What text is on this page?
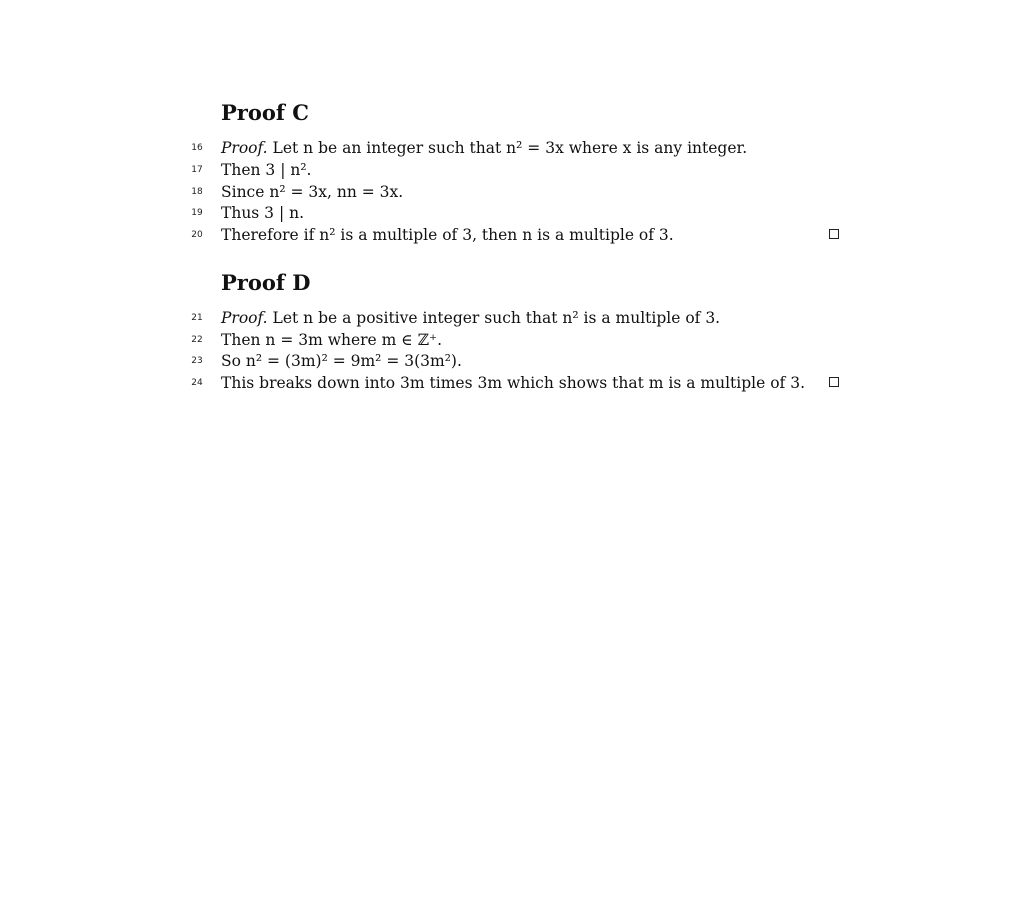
Proof C
16 Proof. Let n be an integer such that n² = 3x where x is any integer.
17 Then 3 | n².
18 Since n² = 3x, nn = 3x.
19 Thus 3 | n.
20 Therefore if n² is a multiple of 3, then n is a multiple of 3.
Proof D
21 Proof. Let n be a positive integer such that n² is a multiple of 3.
22 Then n = 3m where m ∈ ℤ⁺.
23 So n² = (3m)² = 9m² = 3(3m²).
24 This breaks down into 3m times 3m which shows that m is a multiple of 3.
